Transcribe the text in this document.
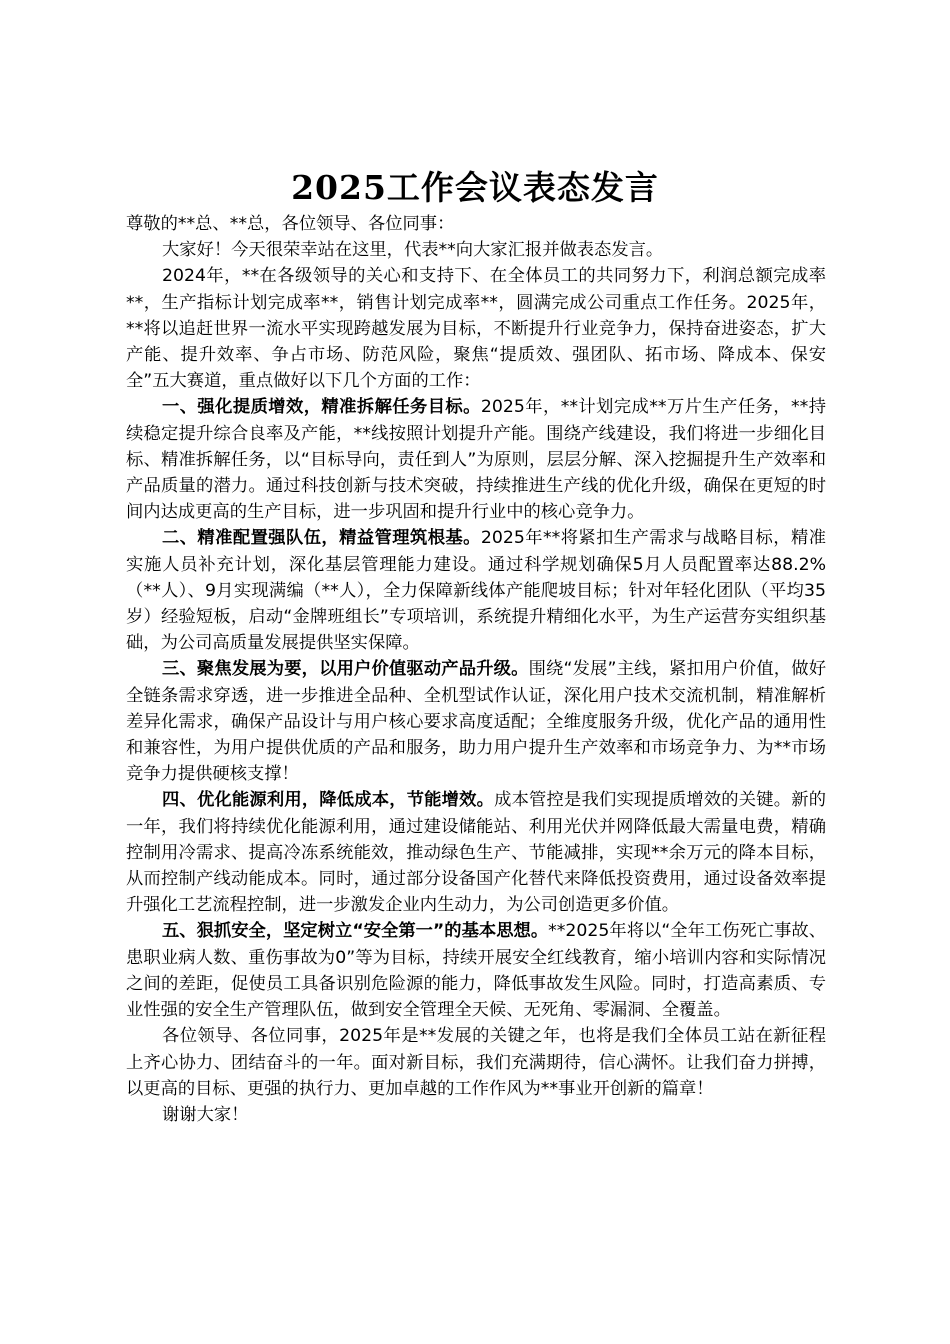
2025工作会议表态发言

尊敬的**总、**总，各位领导、各位同事：

大家好！今天很荣幸站在这里，代表**向大家汇报并做表态发言。

2024年，**在各级领导的关心和支持下、在全体员工的共同努力下，利润总额完成率**，生产指标计划完成率**，销售计划完成率**，圆满完成公司重点工作任务。2025年，**将以追赶世界一流水平实现跨越发展为目标，不断提升行业竞争力，保持奋进姿态，扩大产能、提升效率、争占市场、防范风险，聚焦“提质效、强团队、拓市场、降成本、保安全”五大赛道，重点做好以下几个方面的工作：

一、强化提质增效，精准拆解任务目标。2025年，**计划完成**万片生产任务，**持续稳定提升综合良率及产能，**线按照计划提升产能。围绕产线建设，我们将进一步细化目标、精准拆解任务，以“目标导向，责任到人”为原则，层层分解、深入挖掘提升生产效率和产品质量的潜力。通过科技创新与技术突破，持续推进生产线的优化升级，确保在更短的时间内达成更高的生产目标，进一步巩固和提升行业中的核心竞争力。

二、精准配置强队伍，精益管理筑根基。2025年**将紧扣生产需求与战略目标，精准实施人员补充计划，深化基层管理能力建设。通过科学规划确保5月人员配置率达88.2%（**人）、9月实现满编（**人），全力保障新线体产能爬坡目标；针对年轻化团队（平均35岁）经验短板，启动“金牌班组长”专项培训，系统提升精细化水平，为生产运营夯实组织基础，为公司高质量发展提供坚实保障。

三、聚焦发展为要，以用户价值驱动产品升级。围绕“发展”主线，紧扣用户价值，做好全链条需求穿透，进一步推进全品种、全机型试作认证，深化用户技术交流机制，精准解析差异化需求，确保产品设计与用户核心要求高度适配；全维度服务升级，优化产品的通用性和兼容性，为用户提供优质的产品和服务，助力用户提升生产效率和市场竞争力、为**市场竞争力提供硬核支撑！

四、优化能源利用，降低成本，节能增效。成本管控是我们实现提质增效的关键。新的一年，我们将持续优化能源利用，通过建设储能站、利用光伏并网降低最大需量电费，精确控制用冷需求、提高冷冻系统能效，推动绿色生产、节能减排，实现**余万元的降本目标，从而控制产线动能成本。同时，通过部分设备国产化替代来降低投资费用，通过设备效率提升强化工艺流程控制，进一步激发企业内生动力，为公司创造更多价值。

五、狠抓安全，坚定树立“安全第一”的基本思想。**2025年将以“全年工伤死亡事故、患职业病人数、重伤事故为0”等为目标，持续开展安全红线教育，缩小培训内容和实际情况之间的差距，促使员工具备识别危险源的能力，降低事故发生风险。同时，打造高素质、专业性强的安全生产管理队伍，做到安全管理全天候、无死角、零漏洞、全覆盖。

各位领导、各位同事，2025年是**发展的关键之年，也将是我们全体员工站在新征程上齐心协力、团结奋斗的一年。面对新目标，我们充满期待，信心满怀。让我们奋力拼搏，以更高的目标、更强的执行力、更加卓越的工作作风为**事业开创新的篇章！

谢谢大家！
